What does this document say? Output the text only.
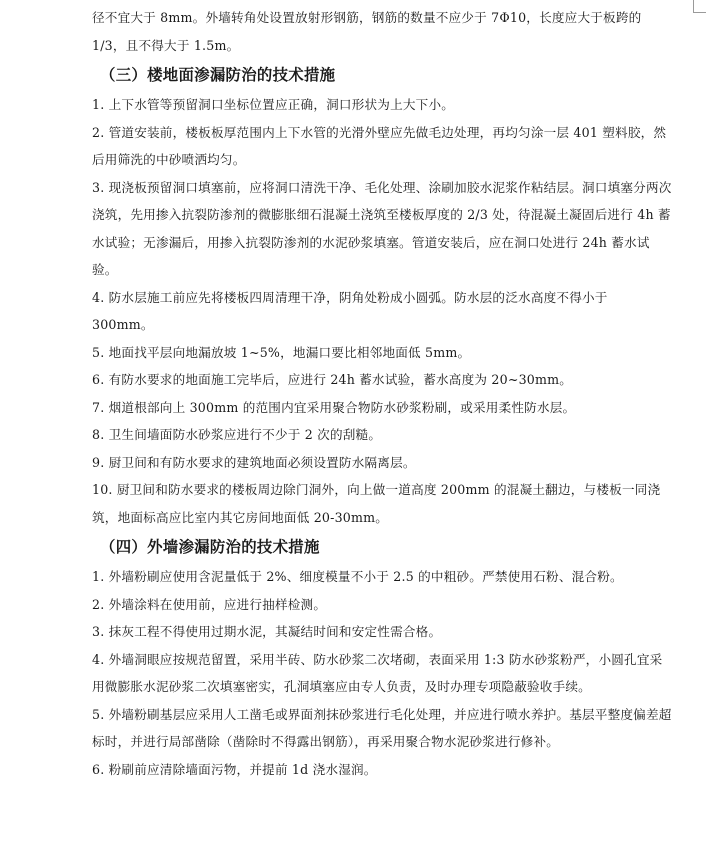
径不宜大于 8mm。外墙转角处设置放射形钢筋，钢筋的数量不应少于 7Φ10，长度应大于板跨的 1/3，且不得大于 1.5m。

（三）楼地面渗漏防治的技术措施

1. 上下水管等预留洞口坐标位置应正确，洞口形状为上大下小。

2. 管道安装前，楼板板厚范围内上下水管的光滑外壁应先做毛边处理，再均匀涂一层 401 塑料胶，然后用筛洗的中砂喷洒均匀。

3. 现浇板预留洞口填塞前，应将洞口清洗干净、毛化处理、涂刷加胶水泥浆作粘结层。洞口填塞分两次浇筑，先用掺入抗裂防渗剂的微膨胀细石混凝土浇筑至楼板厚度的 2/3 处，待混凝土凝固后进行 4h 蓄水试验；无渗漏后，用掺入抗裂防渗剂的水泥砂浆填塞。管道安装后，应在洞口处进行 24h 蓄水试验。

4. 防水层施工前应先将楼板四周清理干净，阴角处粉成小圆弧。防水层的泛水高度不得小于 300mm。

5. 地面找平层向地漏放坡 1~5%，地漏口要比相邻地面低 5mm。

6. 有防水要求的地面施工完毕后，应进行 24h 蓄水试验，蓄水高度为 20~30mm。

7. 烟道根部向上 300mm 的范围内宜采用聚合物防水砂浆粉刷，或采用柔性防水层。

8. 卫生间墙面防水砂浆应进行不少于 2 次的刮糙。

9. 厨卫间和有防水要求的建筑地面必须设置防水隔离层。

10. 厨卫间和防水要求的楼板周边除门洞外，向上做一道高度 200mm 的混凝土翻边，与楼板一同浇筑，地面标高应比室内其它房间地面低 20-30mm。

（四）外墙渗漏防治的技术措施

1. 外墙粉刷应使用含泥量低于 2%、细度模量不小于 2.5 的中粗砂。严禁使用石粉、混合粉。

2. 外墙涂料在使用前，应进行抽样检测。

3. 抹灰工程不得使用过期水泥，其凝结时间和安定性需合格。

4. 外墙洞眼应按规范留置，采用半砖、防水砂浆二次堵砌，表面采用 1:3 防水砂浆粉严，小圆孔宜采用微膨胀水泥砂浆二次填塞密实，孔洞填塞应由专人负责，及时办理专项隐蔽验收手续。

5. 外墙粉刷基层应采用人工凿毛或界面剂抹砂浆进行毛化处理，并应进行喷水养护。基层平整度偏差超标时，并进行局部凿除（凿除时不得露出钢筋），再采用聚合物水泥砂浆进行修补。

6. 粉刷前应清除墙面污物，并提前 1d 浇水湿润。
